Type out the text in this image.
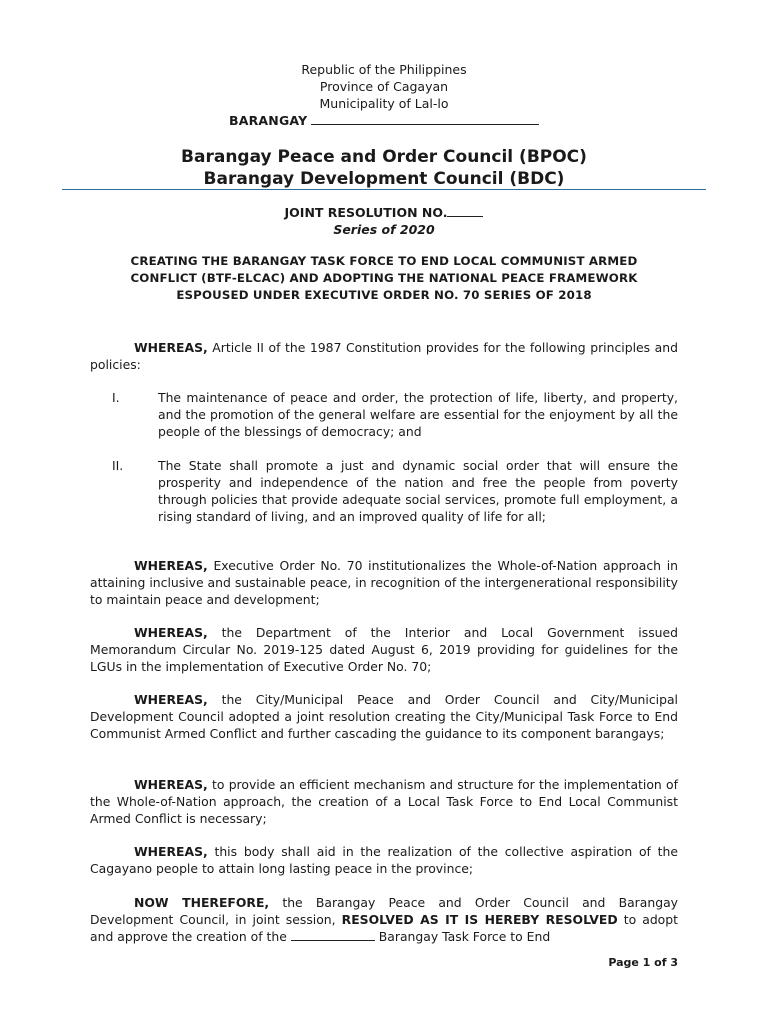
Republic of the Philippines
Province of Cagayan
Municipality of Lal-lo
BARANGAY
Barangay Peace and Order Council (BPOC)
Barangay Development Council (BDC)
JOINT RESOLUTION NO.
Series of 2020
CREATING THE BARANGAY TASK FORCE TO END LOCAL COMMUNIST ARMED CONFLICT (BTF-ELCAC) AND ADOPTING THE NATIONAL PEACE FRAMEWORK ESPOUSED UNDER EXECUTIVE ORDER NO. 70 SERIES OF 2018
WHEREAS, Article II of the 1987 Constitution provides for the following principles and policies:
I.	The maintenance of peace and order, the protection of life, liberty, and property, and the promotion of the general welfare are essential for the enjoyment by all the people of the blessings of democracy; and
II.	The State shall promote a just and dynamic social order that will ensure the prosperity and independence of the nation and free the people from poverty through policies that provide adequate social services, promote full employment, a rising standard of living, and an improved quality of life for all;
WHEREAS, Executive Order No. 70 institutionalizes the Whole-of-Nation approach in attaining inclusive and sustainable peace, in recognition of the intergenerational responsibility to maintain peace and development;
WHEREAS, the Department of the Interior and Local Government issued Memorandum Circular No. 2019-125 dated August 6, 2019 providing for guidelines for the LGUs in the implementation of Executive Order No. 70;
WHEREAS, the City/Municipal Peace and Order Council and City/Municipal Development Council adopted a joint resolution creating the City/Municipal Task Force to End Communist Armed Conflict and further cascading the guidance to its component barangays;
WHEREAS, to provide an efficient mechanism and structure for the implementation of the Whole-of-Nation approach, the creation of a Local Task Force to End Local Communist Armed Conflict is necessary;
WHEREAS, this body shall aid in the realization of the collective aspiration of the Cagayano people to attain long lasting peace in the province;
NOW THEREFORE, the Barangay Peace and Order Council and Barangay Development Council, in joint session, RESOLVED AS IT IS HEREBY RESOLVED to adopt and approve the creation of the	Barangay Task Force to End
Page 1 of 3
